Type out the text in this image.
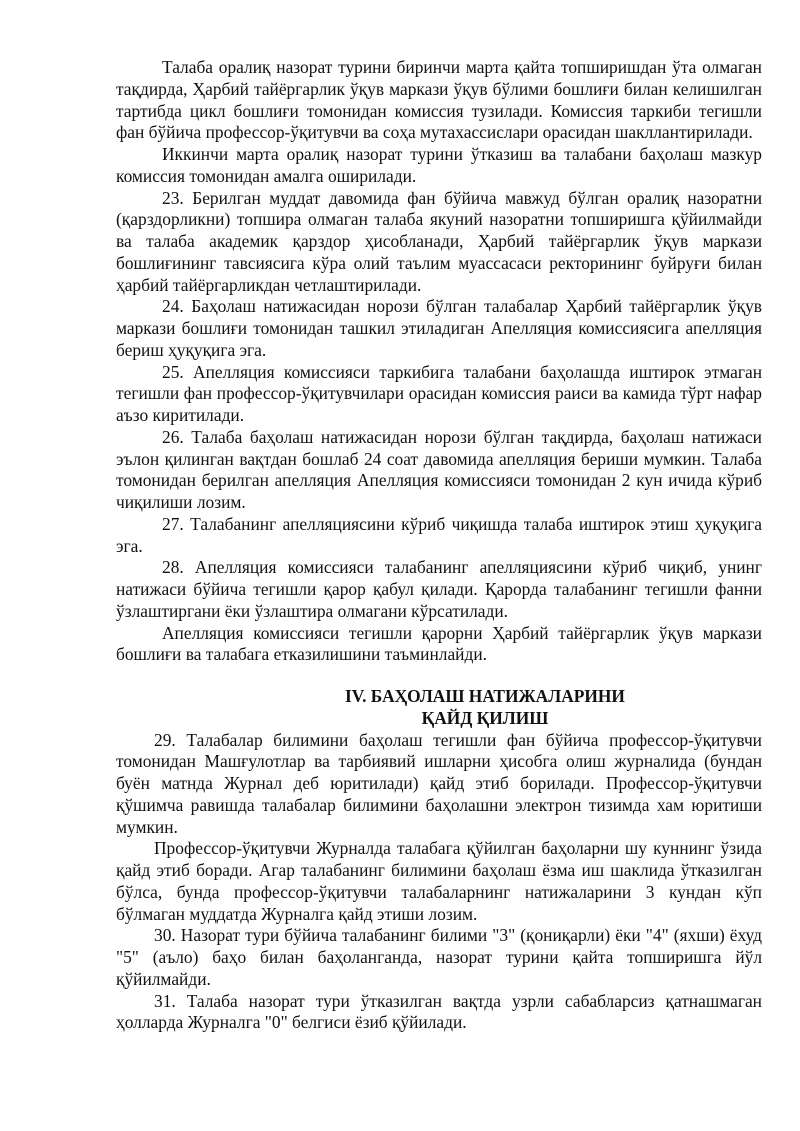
Талаба оралиқ назорат турини биринчи марта қайта топширишдан ўта олмаган тақдирда, Ҳарбий тайёргарлик ўқув маркази ўқув бўлими бошлиғи билан келишилган тартибда цикл бошлиғи томонидан комиссия тузилади. Комиссия таркиби тегишли фан бўйича профессор-ўқитувчи ва соҳа мутахассислари орасидан шакллантирилади.

Иккинчи марта оралиқ назорат турини ўтказиш ва талабани баҳолаш мазкур комиссия томонидан амалга оширилади.

23. Берилган муддат давомида фан бўйича мавжуд бўлган оралиқ назоратни (қарздорликни) топшира олмаган талаба якуний назоратни топширишга қўйилмайди ва талаба академик қарздор ҳисобланади, Ҳарбий тайёргарлик ўқув маркази бошлиғининг тавсиясига кўра олий таълим муассасаси ректорининг буйруғи билан ҳарбий тайёргарликдан четлаштирилади.

24. Баҳолаш натижасидан норози бўлган талабалар Ҳарбий тайёргарлик ўқув маркази бошлиғи томонидан ташкил этиладиган Апелляция комиссиясига апелляция бериш ҳуқуқига эга.

25. Апелляция комиссияси таркибига талабани баҳолашда иштирок этмаган тегишли фан профессор-ўқитувчилари орасидан комиссия раиси ва камида тўрт нафар аъзо киритилади.

26. Талаба баҳолаш натижасидан норози бўлган тақдирда, баҳолаш натижаси эълон қилинган вақтдан бошлаб 24 соат давомида апелляция бериши мумкин. Талаба томонидан берилган апелляция Апелляция комиссияси томонидан 2 кун ичида кўриб чиқилиши лозим.

27. Талабанинг апелляциясини кўриб чиқишда талаба иштирок этиш ҳуқуқига эга.

28. Апелляция комиссияси талабанинг апелляциясини кўриб чиқиб, унинг натижаси бўйича тегишли қарор қабул қилади. Қарорда талабанинг тегишли фанни ўзлаштиргани ёки ўзлаштира олмагани кўрсатилади.

Апелляция комиссияси тегишли қарорни Ҳарбий тайёргарлик ўқув маркази бошлиғи ва талабага етказилишини таъминлайди.

IV. БАҲОЛАШ НАТИЖАЛАРИНИ
ҚАЙД ҚИЛИШ

29. Талабалар билимини баҳолаш тегишли фан бўйича профессор-ўқитувчи томонидан Машғулотлар ва тарбиявий ишларни ҳисобга олиш журналида (бундан буён матнда Журнал деб юритилади) қайд этиб борилади. Профессор-ўқитувчи қўшимча равишда талабалар билимини баҳолашни электрон тизимда хам юритиши мумкин.

Профессор-ўқитувчи Журналда талабага қўйилган баҳоларни шу куннинг ўзида қайд этиб боради. Агар талабанинг билимини баҳолаш ёзма иш шаклида ўтказилган бўлса, бунда профессор-ўқитувчи талабаларнинг натижаларини 3 кундан кўп бўлмаган муддатда Журналга қайд этиши лозим.

30. Назорат тури бўйича талабанинг билими "3" (қониқарли) ёки "4" (яхши) ёхуд "5" (аъло) баҳо билан баҳоланганда, назорат турини қайта топширишга йўл қўйилмайди.

31. Талаба назорат тури ўтказилган вақтда узрли сабабларсиз қатнашмаган ҳолларда Журналга "0" белгиси ёзиб қўйилади.
